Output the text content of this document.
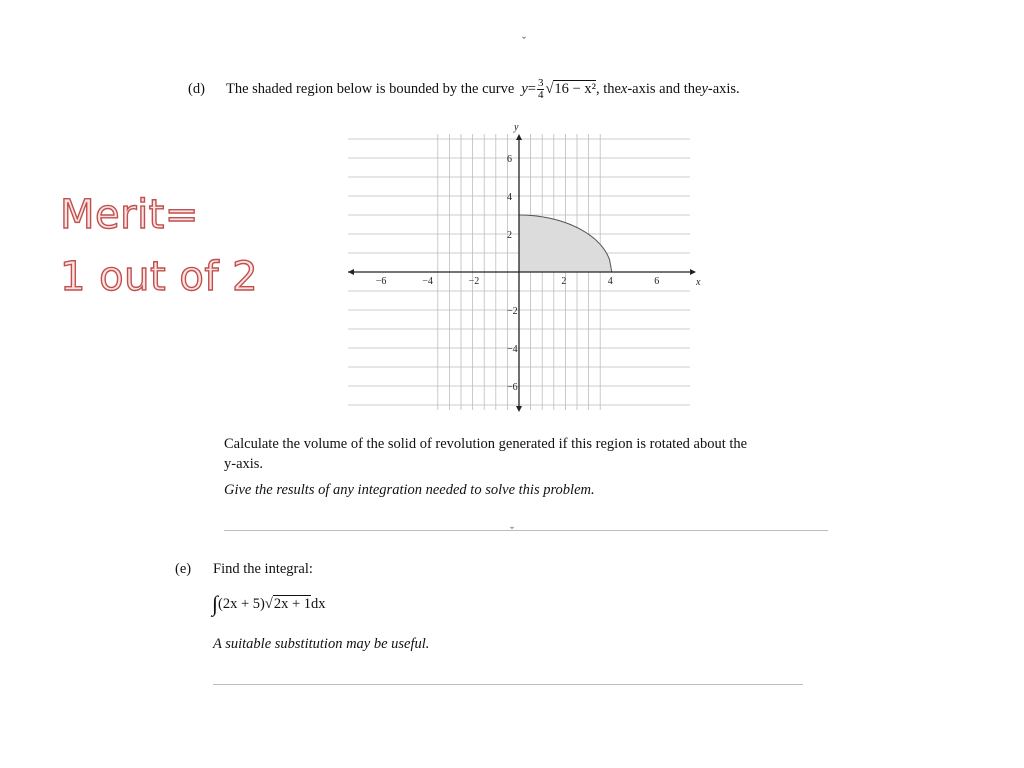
ˇ
ˇ
(d) The shaded region below is bounded by the curve $y = \frac{3}{4}$ √ 16 − x² , the x -axis and the y -axis.
Merit=
1 out of 2	x
y
−6	−4	−2	2	4	6
6
4
2
−2
−4
−6
Calculate the volume of the solid of revolution generated if this region is rotated about the
y-axis.
Give the results of any integration needed to solve this problem.
(e) Find the integral:
∫ (2x + 5) √ 2x + 1 dx
A suitable substitution may be useful.
